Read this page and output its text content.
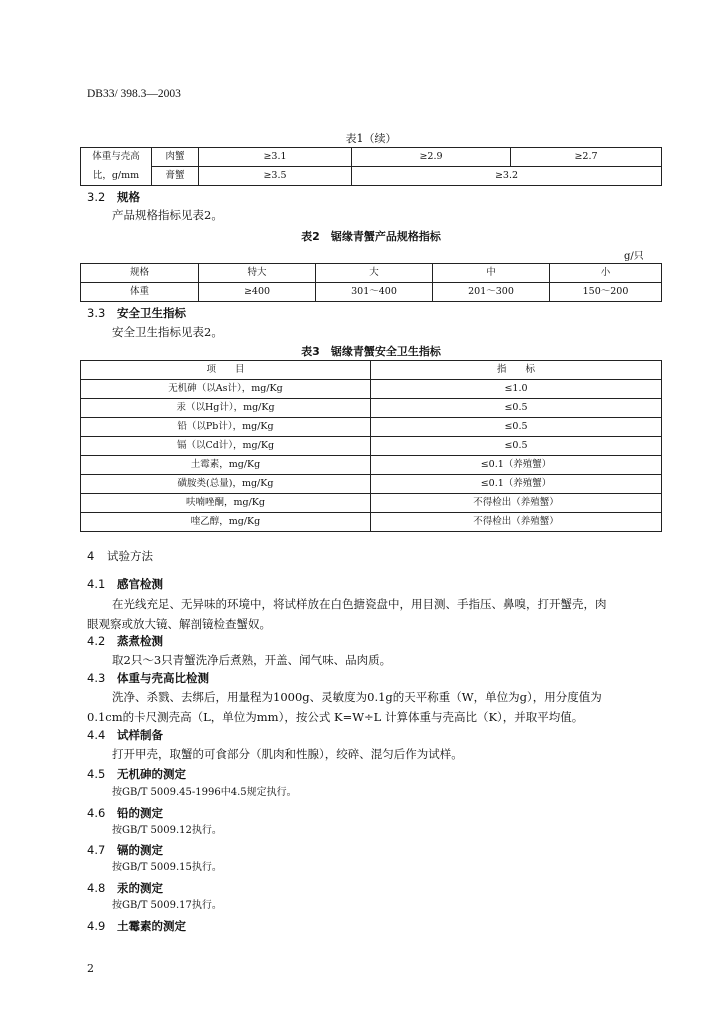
DB33/ 398.3—2003
表1（续）
体重与壳高	肉蟹	≥3.1	≥2.9	≥2.7
比，g/mm	膏蟹	≥3.5	≥3.2	
3.2 规格
产品规格指标见表2。
表2　锯缘青蟹产品规格指标
g/只
规格	特大	大	中	小
体重	≥400	301～400	201～300	150～200
3.3 安全卫生指标
安全卫生指标见表2。
表3　锯缘青蟹安全卫生指标
项　　目	指　　标
无机砷（以As计），mg/Kg	≤1.0
汞（以Hg计），mg/Kg	≤0.5
铅（以Pb计），mg/Kg	≤0.5
镉（以Cd计），mg/Kg	≤0.5
土霉素，mg/Kg	≤0.1（养殖蟹）
磺胺类(总量)，mg/Kg	≤0.1（养殖蟹）
呋喃唑酮，mg/Kg	不得检出（养殖蟹）
喹乙醇，mg/Kg	不得检出（养殖蟹）
4 试验方法
4.1 感官检测
在光线充足、无异味的环境中，将试样放在白色搪瓷盘中，用目测、手指压、鼻嗅，打开蟹壳，肉
眼观察或放大镜、解剖镜检查蟹奴。
4.2 蒸煮检测
取2只～3只青蟹洗净后煮熟，开盖、闻气味、品肉质。
4.3 体重与壳高比检测
洗净、杀戮、去绑后，用量程为1000g、灵敏度为0.1g的天平称重（W，单位为g），用分度值为
0.1cm的卡尺测壳高（L，单位为mm），按公式 K=W÷L 计算体重与壳高比（K），并取平均值。
4.4 试样制备
打开甲壳，取蟹的可食部分（肌肉和性腺），绞碎、混匀后作为试样。
4.5 无机砷的测定
按GB/T 5009.45-1996中4.5规定执行。
4.6 铅的测定
按GB/T 5009.12执行。
4.7 镉的测定
按GB/T 5009.15执行。
4.8 汞的测定
按GB/T 5009.17执行。
4.9 土霉素的测定
2
